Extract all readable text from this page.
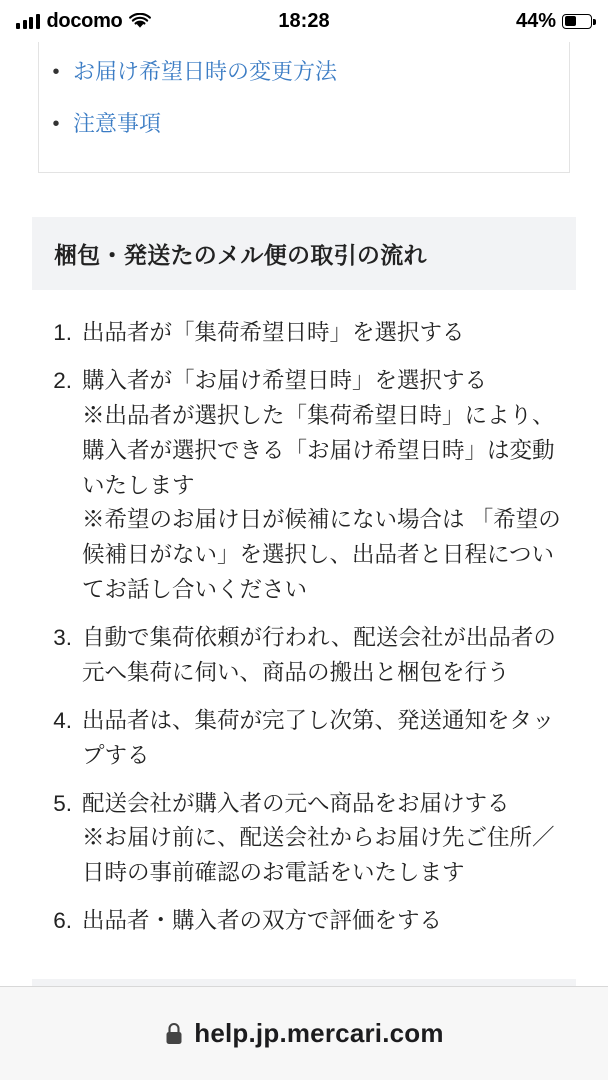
docomo	18:28	44%
• お届け希望日時の変更方法
• 注意事項
梱包・発送たのメル便の取引の流れ
出品者が「集荷希望日時」を選択する
購入者が「お届け希望日時」を選択する
※出品者が選択した「集荷希望日時」により、購入者が選択できる「お届け希望日時」は変動いたします
※希望のお届け日が候補にない場合は 「希望の候補日がない」を選択し、出品者と日程についてお話し合いください
自動で集荷依頼が行われ、配送会社が出品者の元へ集荷に伺い、商品の搬出と梱包を行う
出品者は、集荷が完了し次第、発送通知をタップする
配送会社が購入者の元へ商品をお届けする
※お届け前に、配送会社からお届け先ご住所／日時の事前確認のお電話をいたします
出品者・購入者の双方で評価をする
help.jp.mercari.com
